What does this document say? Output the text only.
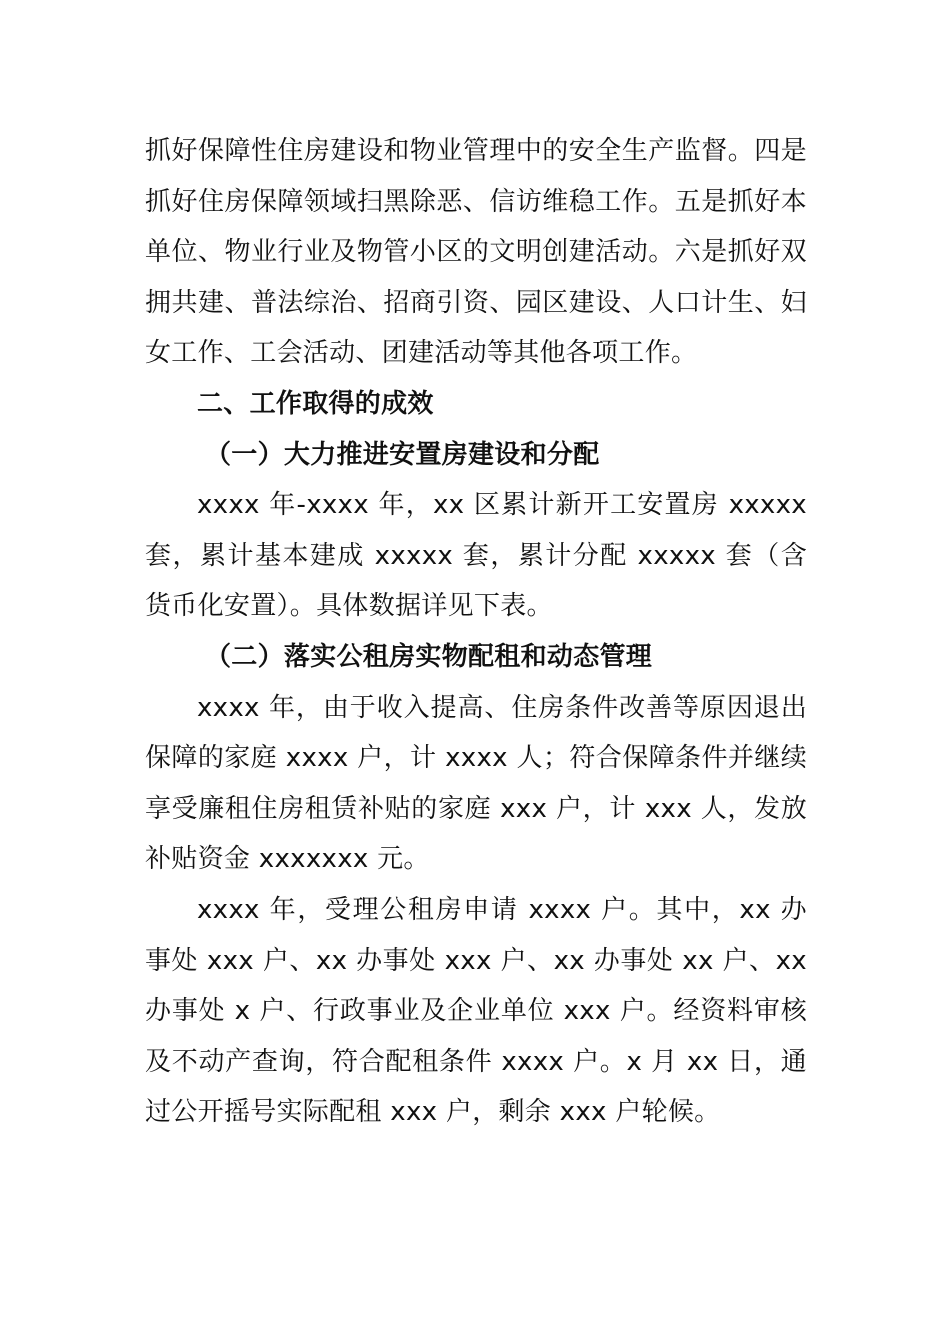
抓好保障性住房建设和物业管理中的安全生产监督。四是抓好住房保障领域扫黑除恶、信访维稳工作。五是抓好本单位、物业行业及物管小区的文明创建活动。六是抓好双拥共建、普法综治、招商引资、园区建设、人口计生、妇女工作、工会活动、团建活动等其他各项工作。

二、工作取得的成效

（一）大力推进安置房建设和分配

xxxx 年-xxxx 年，xx 区累计新开工安置房 xxxxx 套，累计基本建成 xxxxx 套，累计分配 xxxxx 套（含货币化安置）。具体数据详见下表。

（二）落实公租房实物配租和动态管理

xxxx 年，由于收入提高、住房条件改善等原因退出保障的家庭 xxxx 户，计 xxxx 人；符合保障条件并继续享受廉租住房租赁补贴的家庭 xxx 户，计 xxx 人，发放补贴资金 xxxxxxx 元。

xxxx 年，受理公租房申请 xxxx 户。其中，xx 办事处 xxx 户、xx 办事处 xxx 户、xx 办事处 xx 户、xx 办事处 x 户、行政事业及企业单位 xxx 户。经资料审核及不动产查询，符合配租条件 xxxx 户。x 月 xx 日，通过公开摇号实际配租 xxx 户，剩余 xxx 户轮候。
